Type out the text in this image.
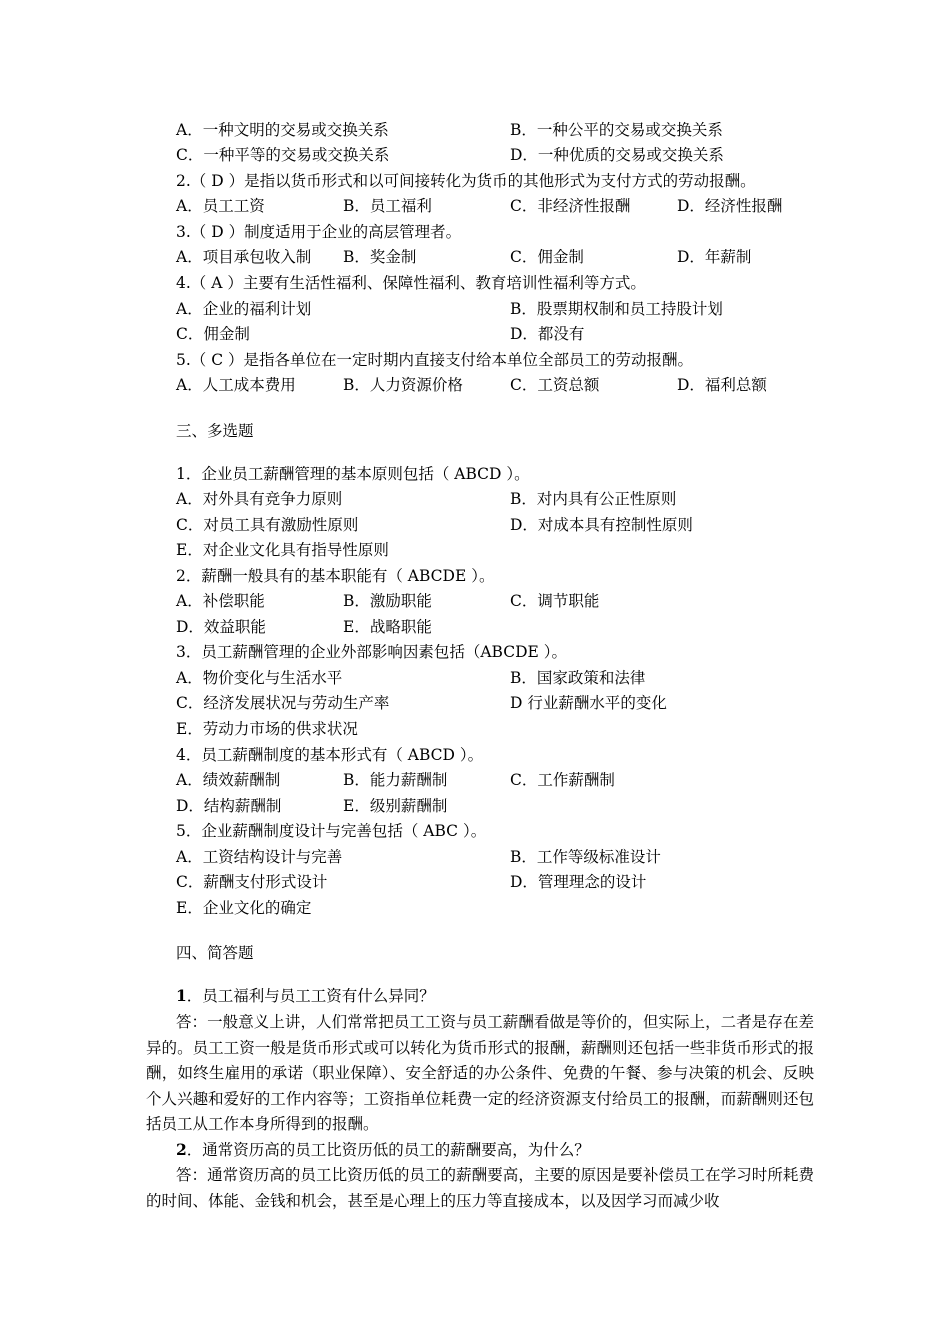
A．一种文明的交易或交换关系	B．一种公平的交易或交换关系
C．一种平等的交易或交换关系	D．一种优质的交易或交换关系
2.（ D ）是指以货币形式和以可间接转化为货币的其他形式为支付方式的劳动报酬。
A．员工工资	B．员工福利	C．非经济性报酬	D．经济性报酬
3.（ D ）制度适用于企业的高层管理者。
A．项目承包收入制 B．奖金制	C．佣金制	D．年薪制
4.（ A ）主要有生活性福利、保障性福利、教育培训性福利等方式。
A．企业的福利计划	B．股票期权制和员工持股计划
C．佣金制	D．都没有
5.（ C ）是指各单位在一定时期内直接支付给本单位全部员工的劳动报酬。
A．人工成本费用	B．人力资源价格	C．工资总额	D．福利总额
三、多选题
1．企业员工薪酬管理的基本原则包括（ ABCD ）。
A．对外具有竞争力原则	B．对内具有公正性原则
C．对员工具有激励性原则	D．对成本具有控制性原则
E．对企业文化具有指导性原则
2．薪酬一般具有的基本职能有（ ABCDE ）。
A．补偿职能	B．激励职能	C．调节职能
D．效益职能	E．战略职能
3．员工薪酬管理的企业外部影响因素包括（ABCDE ）。
A．物价变化与生活水平	B．国家政策和法律
C．经济发展状况与劳动生产率	D 行业薪酬水平的变化
E．劳动力市场的供求状况
4．员工薪酬制度的基本形式有（ ABCD ）。
A．绩效薪酬制	B．能力薪酬制	C．工作薪酬制
D．结构薪酬制	E．级别薪酬制
5．企业薪酬制度设计与完善包括（ ABC ）。
A．工资结构设计与完善	B．工作等级标准设计
C．薪酬支付形式设计	D．管理理念的设计
E．企业文化的确定
四、简答题
1．员工福利与员工工资有什么异同？
答：一般意义上讲，人们常常把员工工资与员工薪酬看做是等价的，但实际上，二者是存在差异的。员工工资一般是货币形式或可以转化为货币形式的报酬，薪酬则还包括一些非货币形式的报酬，如终生雇用的承诺（职业保障）、安全舒适的办公条件、免费的午餐、参与决策的机会、反映个人兴趣和爱好的工作内容等；工资指单位耗费一定的经济资源支付给员工的报酬，而薪酬则还包括员工从工作本身所得到的报酬。
2．通常资历高的员工比资历低的员工的薪酬要高，为什么？
答：通常资历高的员工比资历低的员工的薪酬要高，主要的原因是要补偿员工在学习时所耗费的时间、体能、金钱和机会，甚至是心理上的压力等直接成本，以及因学习而减少收
